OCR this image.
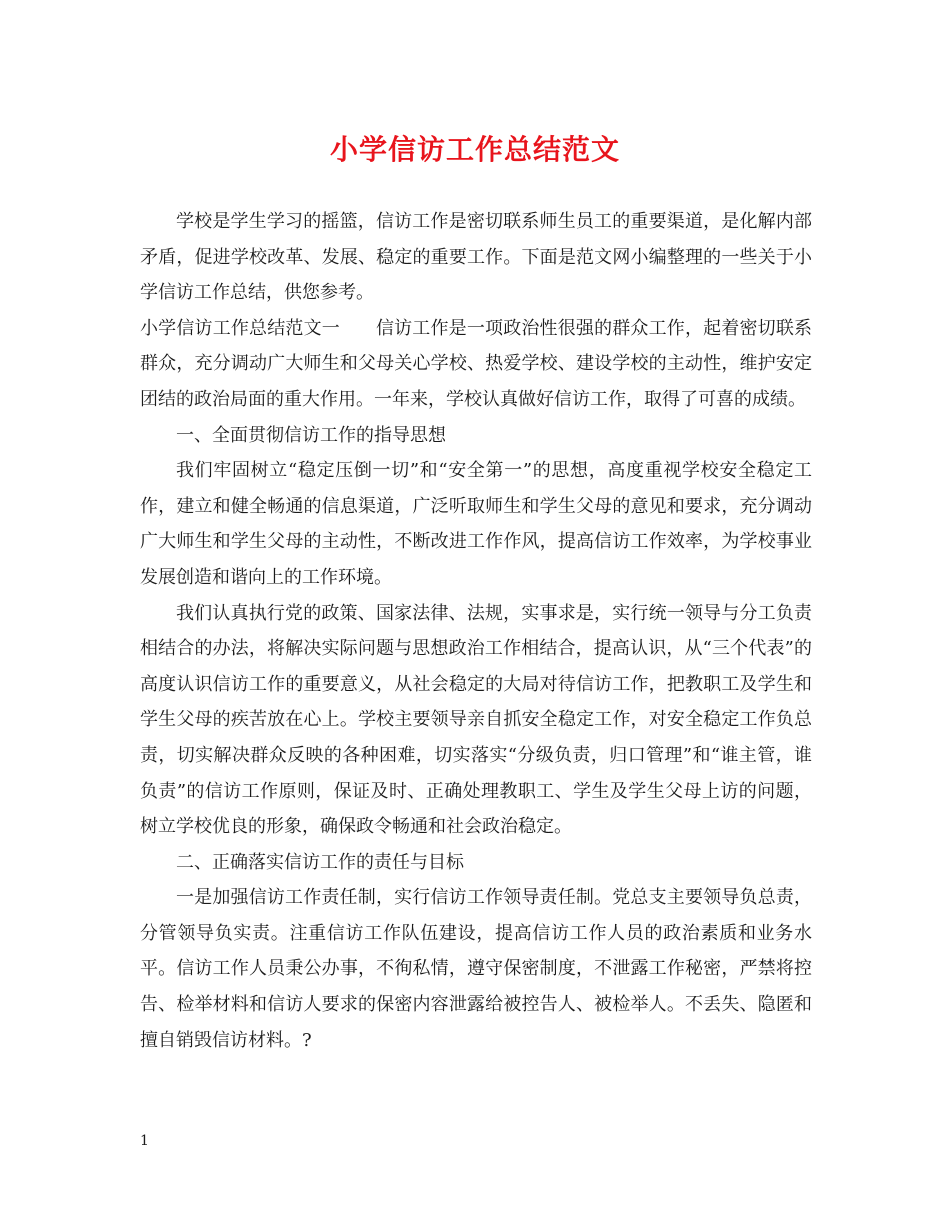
小学信访工作总结范文

学校是学生学习的摇篮，信访工作是密切联系师生员工的重要渠道，是化解内部矛盾，促进学校改革、发展、稳定的重要工作。下面是范文网小编整理的一些关于小学信访工作总结，供您参考。

小学信访工作总结范文一 信访工作是一项政治性很强的群众工作，起着密切联系群众，充分调动广大师生和父母关心学校、热爱学校、建设学校的主动性，维护安定团结的政治局面的重大作用。一年来，学校认真做好信访工作，取得了可喜的成绩。

一、全面贯彻信访工作的指导思想

我们牢固树立“稳定压倒一切”和“安全第一”的思想，高度重视学校安全稳定工作，建立和健全畅通的信息渠道，广泛听取师生和学生父母的意见和要求，充分调动广大师生和学生父母的主动性，不断改进工作作风，提高信访工作效率，为学校事业发展创造和谐向上的工作环境。

我们认真执行党的政策、国家法律、法规，实事求是，实行统一领导与分工负责相结合的办法，将解决实际问题与思想政治工作相结合，提高认识，从“三个代表”的高度认识信访工作的重要意义，从社会稳定的大局对待信访工作，把教职工及学生和学生父母的疾苦放在心上。学校主要领导亲自抓安全稳定工作，对安全稳定工作负总责，切实解决群众反映的各种困难，切实落实“分级负责，归口管理”和“谁主管，谁负责”的信访工作原则，保证及时、正确处理教职工、学生及学生父母上访的问题，树立学校优良的形象，确保政令畅通和社会政治稳定。

二、正确落实信访工作的责任与目标

一是加强信访工作责任制，实行信访工作领导责任制。党总支主要领导负总责，分管领导负实责。注重信访工作队伍建设，提高信访工作人员的政治素质和业务水平。信访工作人员秉公办事，不徇私情，遵守保密制度，不泄露工作秘密，严禁将控告、检举材料和信访人要求的保密内容泄露给被控告人、被检举人。不丢失、隐匿和擅自销毁信访材料。?

1
